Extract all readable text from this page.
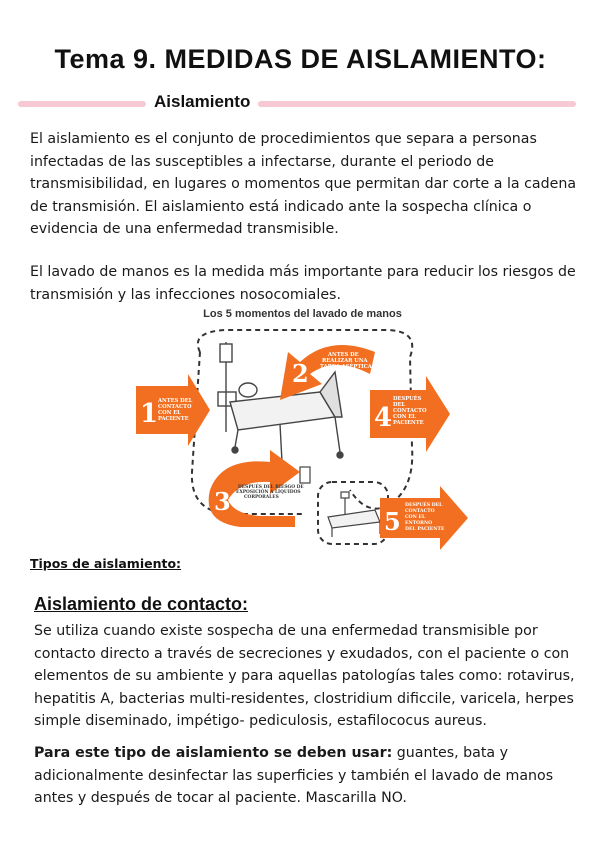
Tema 9. MEDIDAS DE AISLAMIENTO:
Aislamiento
El aislamiento es el conjunto de procedimientos que separa a personas infectadas de las susceptibles a infectarse, durante el periodo de transmisibilidad, en lugares o momentos que permitan dar corte a la cadena de transmisión. El aislamiento está indicado ante la sospecha clínica o evidencia de una enfermedad transmisible.
El lavado de manos es la medida más importante para reducir los riesgos de transmisión y las infecciones nosocomiales.
Los 5 momentos del lavado de manos
1 ANTES DEL CONTACTO CON EL PACIENTE
2
ANTES DE REALIZAR UNA TAREA ASÉPTICA
4
DESPUÉS DEL CONTACTO CON EL PACIENTE
3	DESPUÉS DEL RIESGO DE EXPOSICIÓN A LÍQUIDOS CORPORALES
5
DESPUÉS DEL CONTACTO CON EL ENTORNO DEL PACIENTE
Tipos de aislamiento:
Aislamiento de contacto:
Se utiliza cuando existe sospecha de una enfermedad transmisible por contacto directo a través de secreciones y exudados, con el paciente o con elementos de su ambiente y para aquellas patologías tales como: rotavirus, hepatitis A, bacterias multi-residentes, clostridium dificcile, varicela, herpes simple diseminado, impétigo- pediculosis, estafilococus aureus.
Para este tipo de aislamiento se deben usar: guantes, bata y adicionalmente desinfectar las superficies y también el lavado de manos antes y después de tocar al paciente. Mascarilla NO.
